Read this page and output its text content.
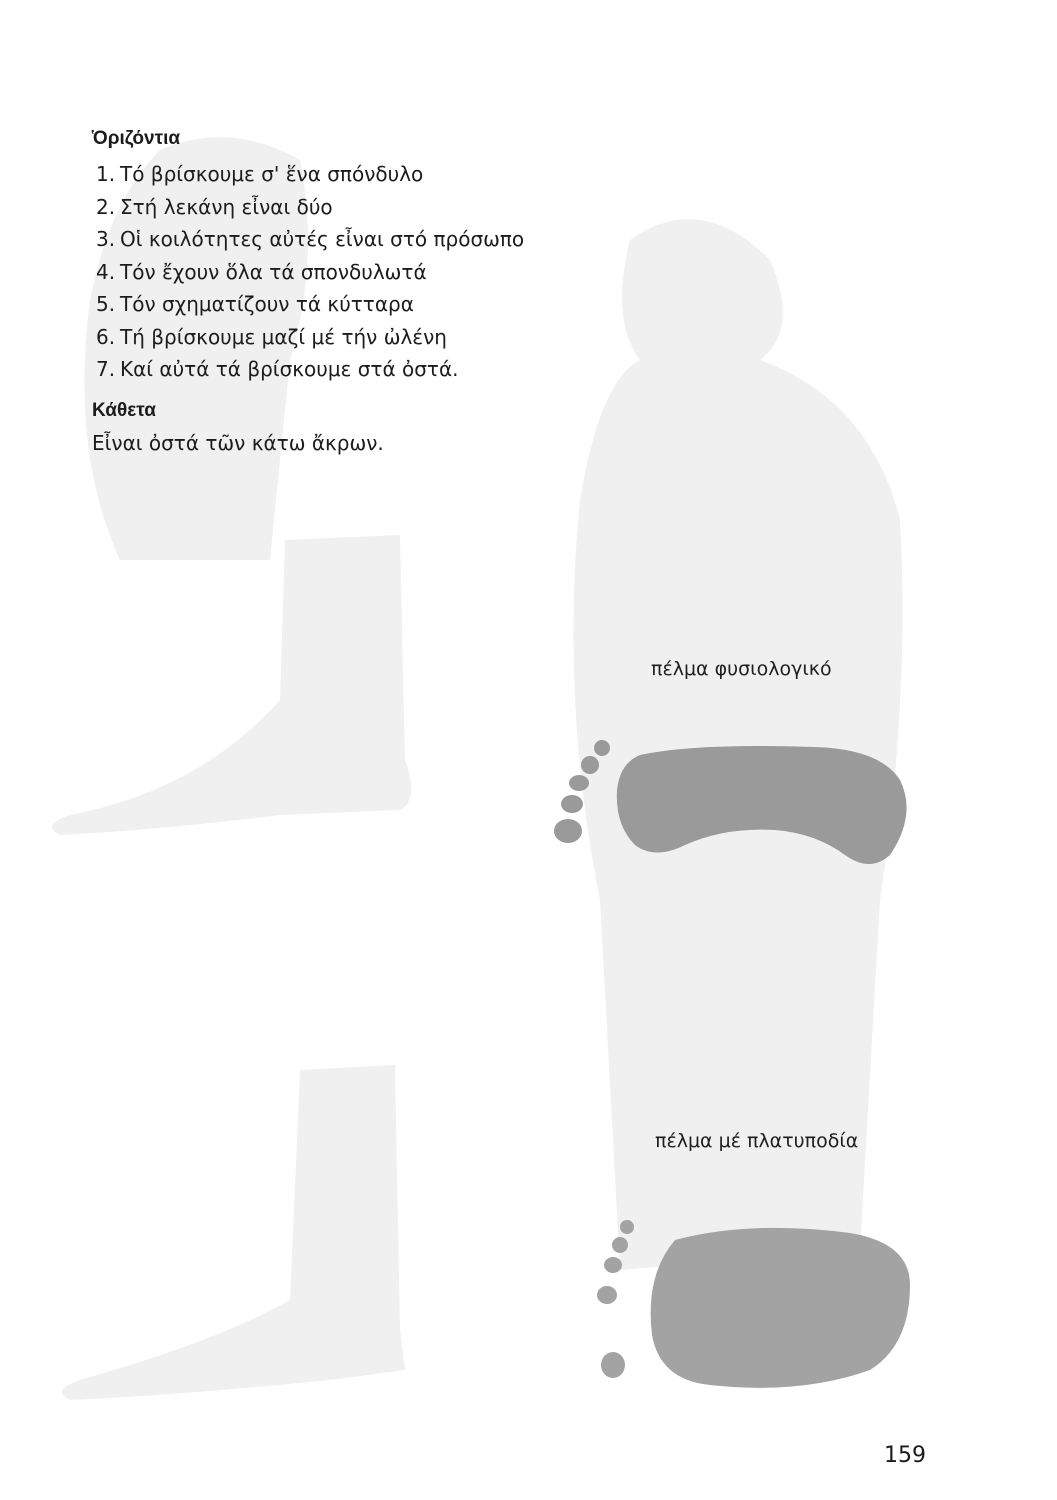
Ὁριζόντια
1. Τό βρίσκουμε σ' ἕνα σπόνδυλο
2. Στή λεκάνη εἶναι δύο
3. Οἱ κοιλότητες αὐτές εἶναι στό πρόσωπο
4. Τόν ἔχουν ὅλα τά σπονδυλωτά
5. Τόν σχηματίζουν τά κύτταρα
6. Τή βρίσκουμε μαζί μέ τήν ὠλένη
7. Καί αὐτά τά βρίσκουμε στά ὀστά.
Κάθετα
Εἶναι ὀστά τῶν κάτω ἄκρων.
πέλμα φυσιολογικό
πέλμα μέ πλατυποδία
159
